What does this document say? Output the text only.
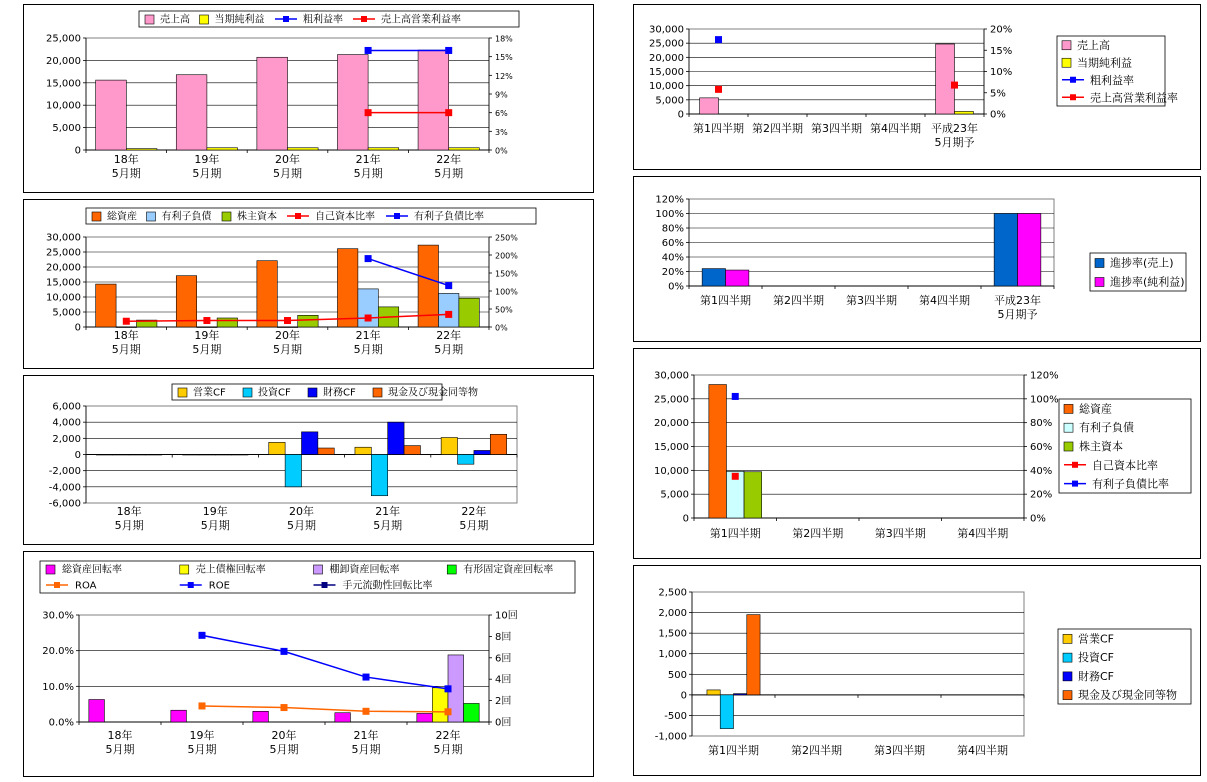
0
5,000
10,000
15,000
20,000
25,000
0%
3%
6%
9%
12%
15%
18%
18年
5月期
19年
5月期
20年
5月期
21年
5月期
22年
5月期
売上高 当期純利益	粗利益率	売上高営業利益率
0
5,000
10,000
15,000
20,000
25,000
30,000
0%
50%
100%
150%
200%
250%
18年
5月期
19年
5月期
20年
5月期
21年
5月期
22年
5月期
総資産 有利子負債	株主資本	自己資本比率	有利子負債比率
-6,000
-4,000
-2,000
0
2,000
4,000
6,000
18年
5月期
19年
5月期
20年
5月期
21年
5月期
22年
5月期
営業CF	投資CF	財務CF	現金及び現金同等物
0.0%
10.0%
20.0%
30.0%
0回
2回
4回
6回
8回
10回
18年
5月期
19年
5月期
20年
5月期
21年
5月期
22年
5月期
総資産回転率	売上債権回転率	棚卸資産回転率	有形固定資産回転率
ROA	ROE	手元流動性回転比率
0
5,000
10,000
15,000
20,000
25,000
30,000
0%
5%
10%
15%
20%
第1四半期 第2四半期 第3四半期 第4四半期 平成23年
5月期予
売上高
当期純利益
粗利益率
売上高営業利益率
0%
20%
40%
60%
80%
100%
120%
第1四半期 第2四半期 第3四半期 第4四半期 平成23年
5月期予
進捗率(売上)
進捗率(純利益)
0
5,000
10,000
15,000
20,000
25,000
30,000
0%
20%
40%
60%
80%
100%
120%
第1四半期	第2四半期	第3四半期	第4四半期
総資産
有利子負債
株主資本
自己資本比率
有利子負債比率
-1,000
-500
0
500
1,000
1,500
2,000
2,500
第1四半期	第2四半期	第3四半期	第4四半期
営業CF
投資CF
財務CF
現金及び現金同等物
